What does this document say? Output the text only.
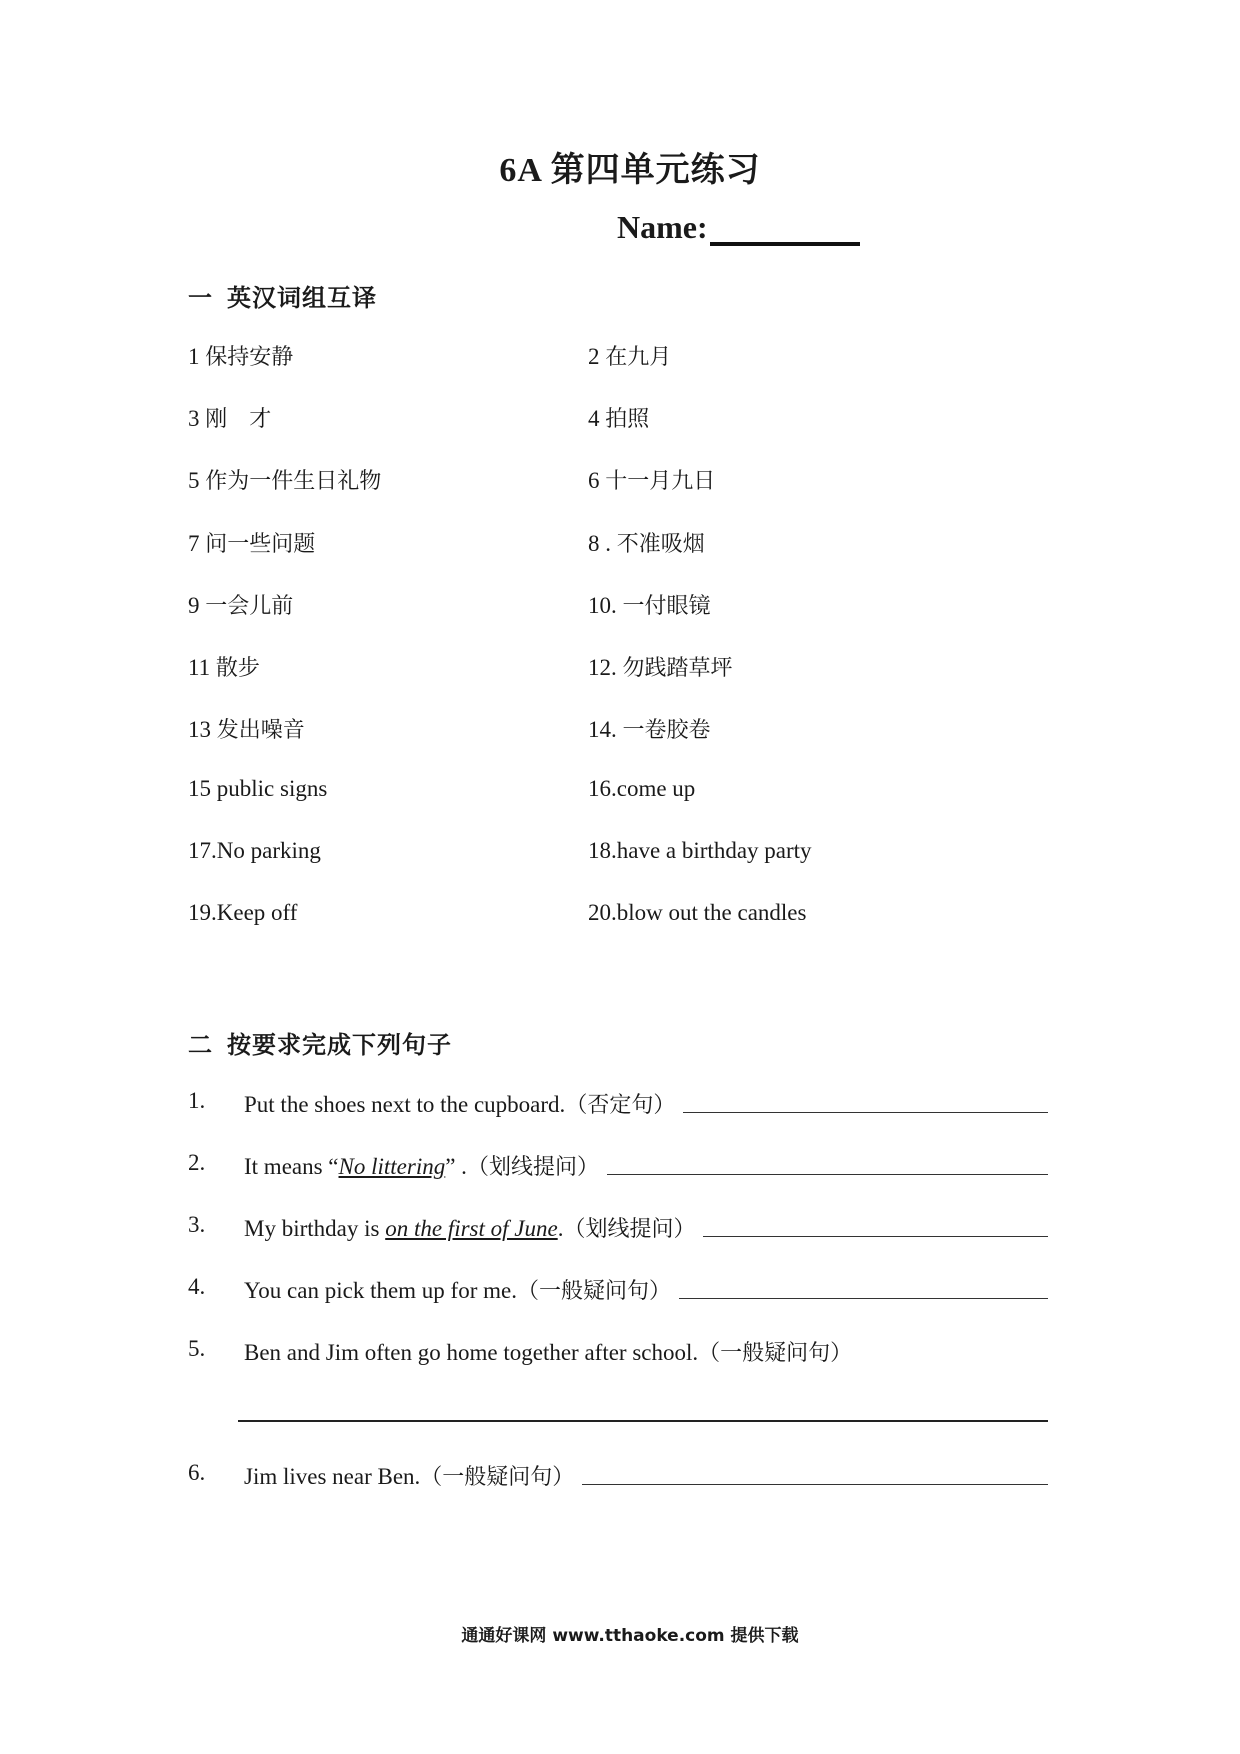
6A 第四单元练习
Name:
一 英汉词组互译
1 保持安静	2 在九月
3 刚　才	4 拍照
5 作为一件生日礼物	6 十一月九日
7 问一些问题	8 . 不准吸烟
9 一会儿前	10. 一付眼镜
11 散步	12. 勿践踏草坪
13 发出噪音	14. 一卷胶卷
15 public signs	16.come up
17.No parking	18.have a birthday party
19.Keep off	20.blow out the candles
二 按要求完成下列句子
1. Put the shoes next to the cupboard.（否定句）
2. It means “No littering” .（划线提问）
3. My birthday is on the first of June.（划线提问）
4. You can pick them up for me.（一般疑问句）
5. Ben and Jim often go home together after school.（一般疑问句）
6. Jim lives near Ben.（一般疑问句）
通通好课网 www.tthaoke.com 提供下载
